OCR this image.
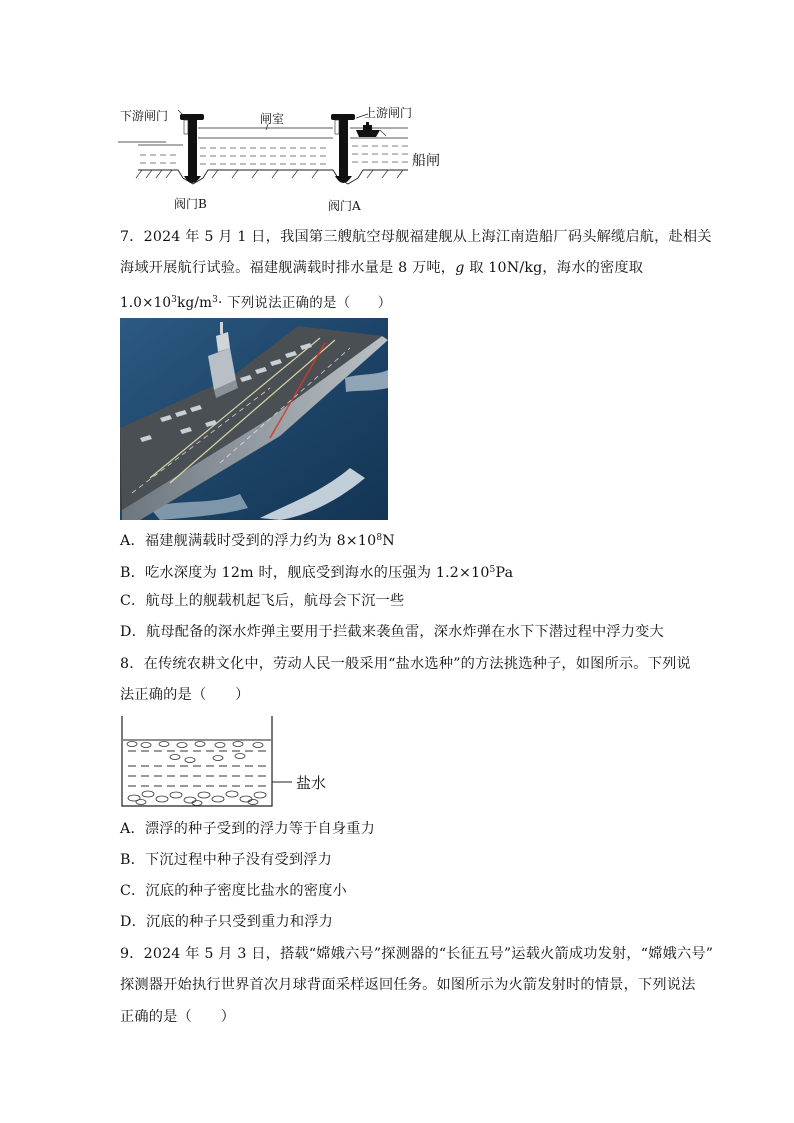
下游闸门
D
闸室
C
上游闸门
阀门B	阀门A
船闸
7．2024 年 5 月 1 日，我国第三艘航空母舰福建舰从上海江南造船厂码头解缆启航，赴相关
海域开展航行试验。福建舰满载时排水量是 8 万吨，g 取 10N/kg，海水的密度取
$1.0\times 10^3kg/m^3\cdot$ 下列说法正确的是（　　）
A．福建舰满载时受到的浮力约为 $8\times 10^8N$
B．吃水深度为 12m 时，舰底受到海水的压强为 $1.2\times 10^5Pa$
C．航母上的舰载机起飞后，航母会下沉一些
D．航母配备的深水炸弹主要用于拦截来袭鱼雷，深水炸弹在水下下潜过程中浮力变大
8．在传统农耕文化中，劳动人民一般采用“盐水选种”的方法挑选种子，如图所示。下列说
法正确的是（　　）
盐水
A．漂浮的种子受到的浮力等于自身重力
B．下沉过程中种子没有受到浮力
C．沉底的种子密度比盐水的密度小
D．沉底的种子只受到重力和浮力
9．2024 年 5 月 3 日，搭载“嫦娥六号”探测器的“长征五号”运载火箭成功发射，“嫦娥六号”
探测器开始执行世界首次月球背面采样返回任务。如图所示为火箭发射时的情景，下列说法
正确的是（　　）
